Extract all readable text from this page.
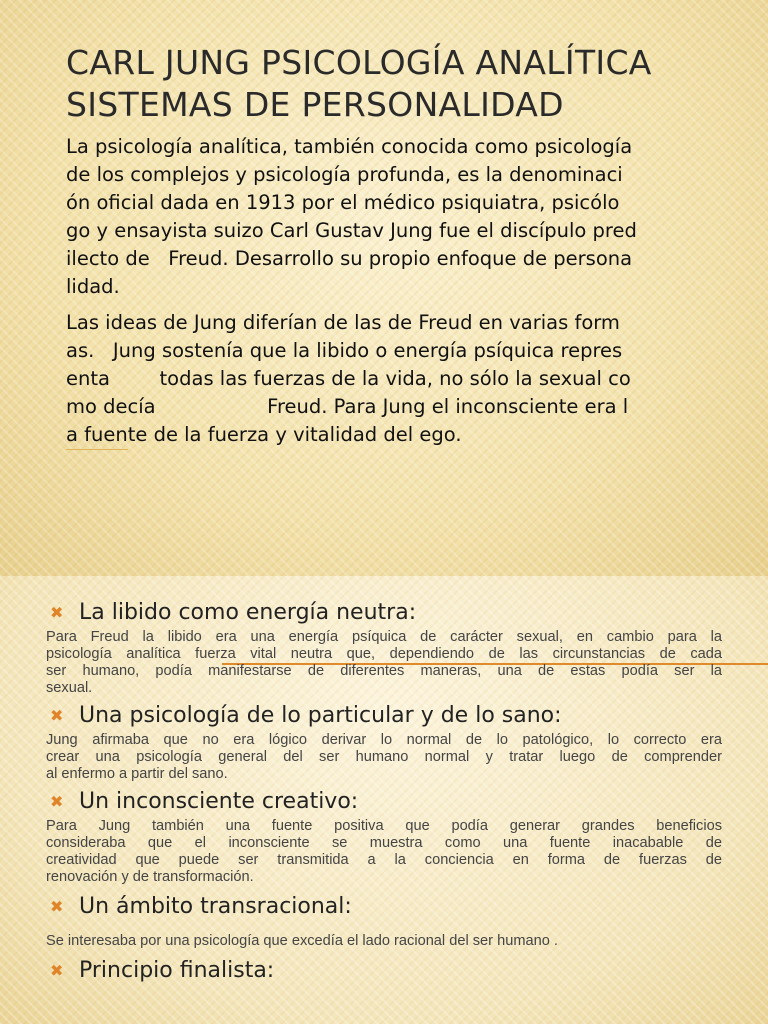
CARL JUNG PSICOLOGÍA ANALÍTICA
SISTEMAS DE PERSONALIDAD
La psicología analítica, también conocida como psicología
de los complejos y psicología profunda, es la denominaci
ón oficial dada en 1913 por el médico psiquiatra, psicólo
go y ensayista suizo Carl Gustav Jung fue el discípulo pred
ilecto de   Freud. Desarrollo su propio enfoque de persona
lidad.
Las ideas de Jung diferían de las de Freud en varias form
as.   Jung sostenía que la libido o energía psíquica repres
enta        todas las fuerzas de la vida, no sólo la sexual co
mo decía                  Freud. Para Jung el inconsciente era l
a fuente de la fuerza y vitalidad del ego.
✖ La libido como energía neutra:
Para Freud la libido era una energía psíquica de carácter sexual, en cambio para la
psicología analítica fuerza vital neutra que, dependiendo de las circunstancias de cada
ser humano, podía manifestarse de diferentes maneras, una de estas podía ser la
sexual.
✖ Una psicología de lo particular y de lo sano:
Jung afirmaba que no era lógico derivar lo normal de lo patológico, lo correcto era
crear una psicología general del ser humano normal y tratar luego de comprender
al enfermo a partir del sano.
✖ Un inconsciente creativo:
Para Jung también una fuente positiva que podía generar grandes beneficios
consideraba que el inconsciente se muestra como una fuente inacabable de
creatividad que puede ser transmitida a la conciencia en forma de fuerzas de
renovación y de transformación.
✖ Un ámbito transracional:
Se interesaba por una psicología que excedía el lado racional del ser humano .
✖ Principio finalista:
